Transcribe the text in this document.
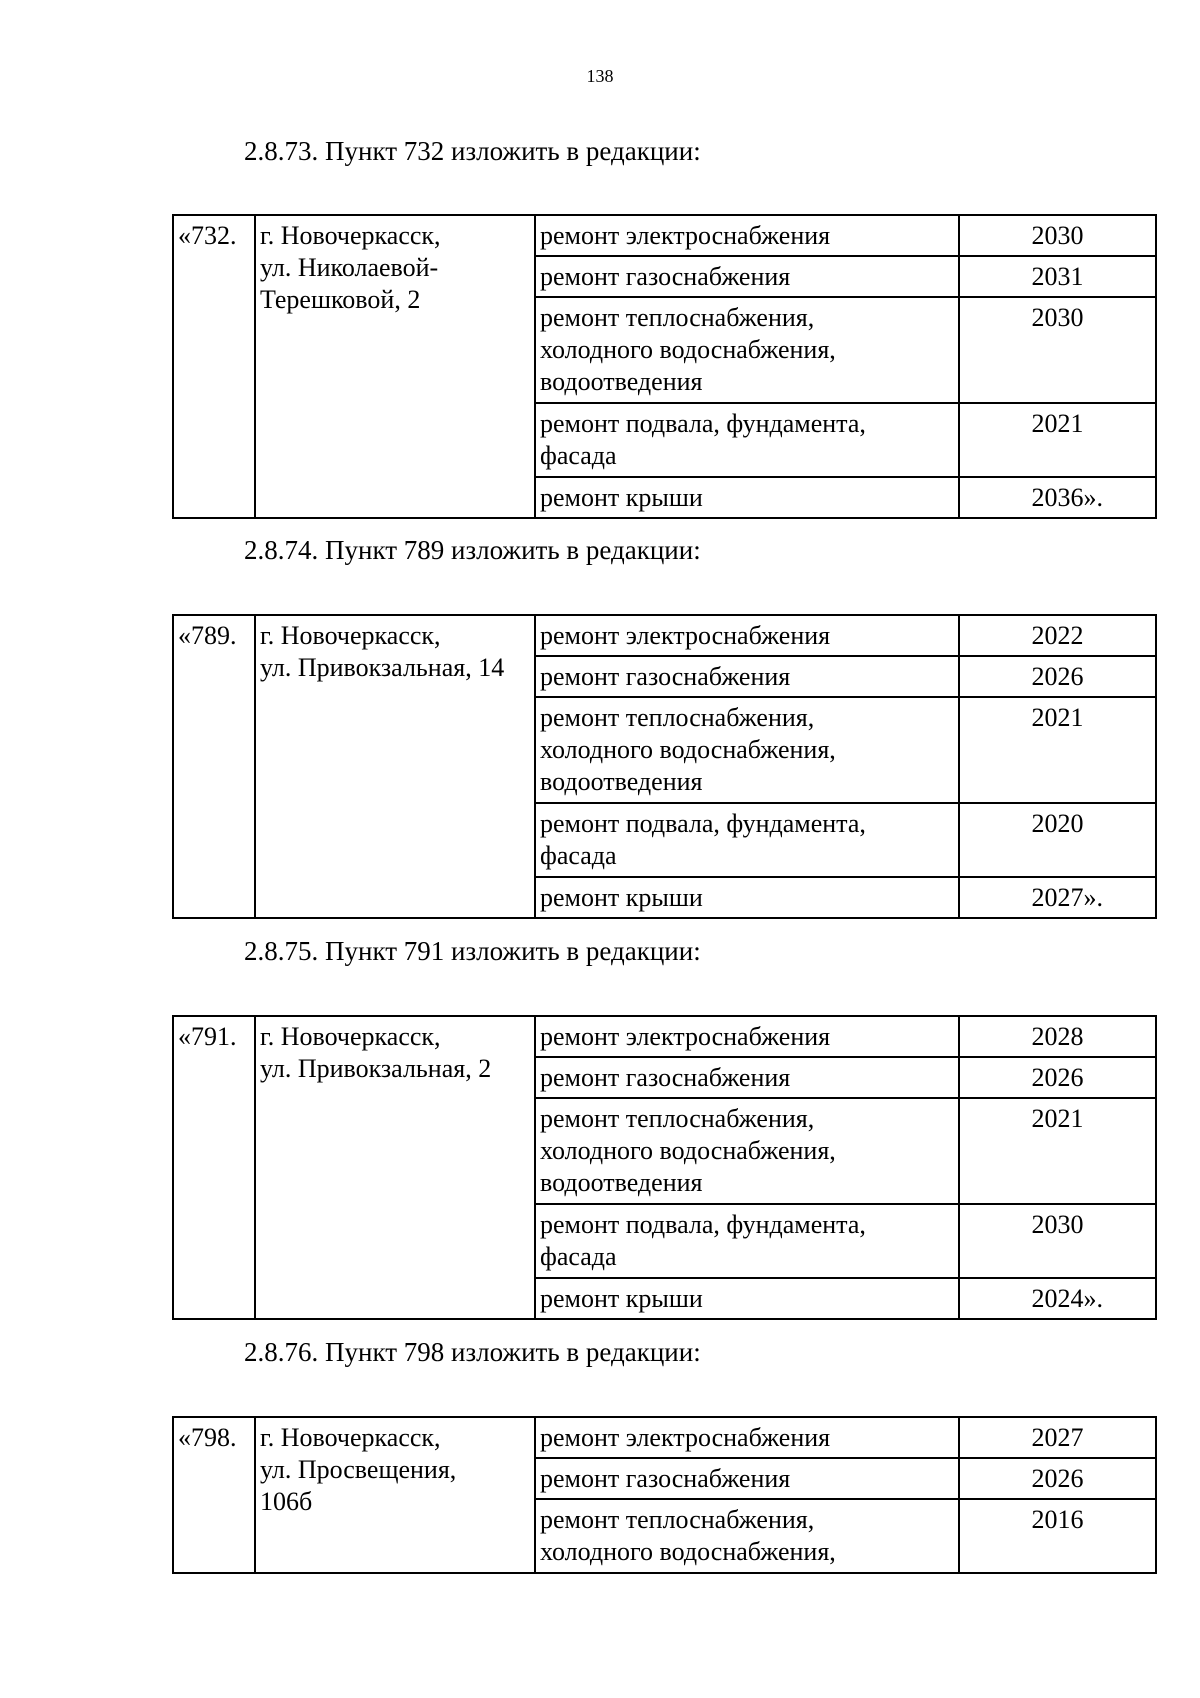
138
2.8.73. Пункт 732 изложить в редакции:
«732.	г. Новочеркасск,
ул. Николаевой-
Терешковой, 2	ремонт электроснабжения	2030

		ремонт газоснабжения	2031

		ремонт теплоснабжения,
холодного водоснабжения,
водоотведения	2030

		ремонт подвала, фундамента,
фасада	2021

		ремонт крыши	2036 ».
2.8.74. Пункт 789 изложить в редакции:
«789.	г. Новочеркасск,
ул. Привокзальная, 14	ремонт электроснабжения	2022

		ремонт газоснабжения	2026

		ремонт теплоснабжения,
холодного водоснабжения,
водоотведения	2021

		ремонт подвала, фундамента,
фасада	2020

		ремонт крыши	2027 ».
2.8.75. Пункт 791 изложить в редакции:
«791.	г. Новочеркасск,
ул. Привокзальная, 2	ремонт электроснабжения	2028

		ремонт газоснабжения	2026

		ремонт теплоснабжения,
холодного водоснабжения,
водоотведения	2021

		ремонт подвала, фундамента,
фасада	2030

		ремонт крыши	2024 ».
2.8.76. Пункт 798 изложить в редакции:
«798.	г. Новочеркасск,
ул. Просвещения,
106б	ремонт электроснабжения	2027

		ремонт газоснабжения	2026

		ремонт теплоснабжения,
холодного водоснабжения,	2016
